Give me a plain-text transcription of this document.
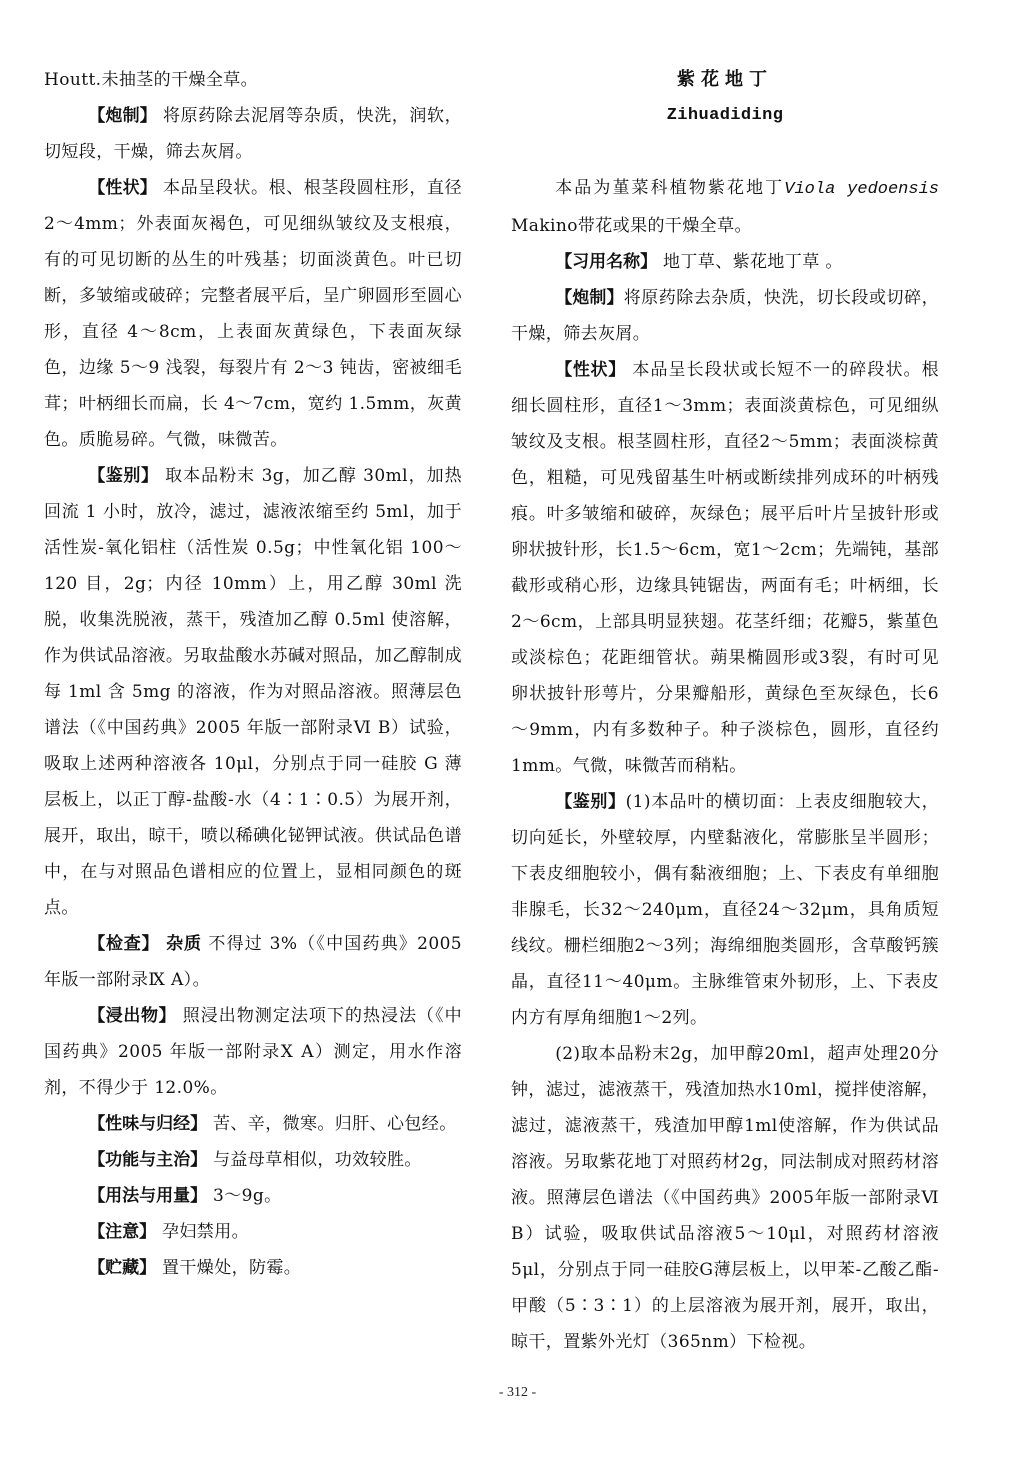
Houtt.未抽茎的干燥全草。

【炮制】 将原药除去泥屑等杂质，快洗，润软，切短段，干燥，筛去灰屑。

【性状】 本品呈段状。根、根茎段圆柱形，直径 2～4mm；外表面灰褐色，可见细纵皱纹及支根痕，有的可见切断的丛生的叶残基；切面淡黄色。叶已切断，多皱缩或破碎；完整者展平后，呈广卵圆形至圆心形，直径 4～8cm，上表面灰黄绿色，下表面灰绿色，边缘 5～9 浅裂，每裂片有 2～3 钝齿，密被细毛茸；叶柄细长而扁，长 4～7cm，宽约 1.5mm，灰黄色。质脆易碎。气微，味微苦。

【鉴别】 取本品粉末 3g，加乙醇 30ml，加热回流 1 小时，放冷，滤过，滤液浓缩至约 5ml，加于活性炭-氧化铝柱（活性炭 0.5g；中性氧化铝 100～120 目，2g；内径 10mm）上，用乙醇 30ml 洗脱，收集洗脱液，蒸干，残渣加乙醇 0.5ml 使溶解，作为供试品溶液。另取盐酸水苏碱对照品，加乙醇制成每 1ml 含 5mg 的溶液，作为对照品溶液。照薄层色谱法（《中国药典》2005 年版一部附录Ⅵ B）试验，吸取上述两种溶液各 10μl，分别点于同一硅胶 G 薄层板上，以正丁醇-盐酸-水（4∶1∶0.5）为展开剂，展开，取出，晾干，喷以稀碘化铋钾试液。供试品色谱中，在与对照品色谱相应的位置上，显相同颜色的斑点。

【检查】 杂质 不得过 3%（《中国药典》2005 年版一部附录Ⅸ A）。

【浸出物】 照浸出物测定法项下的热浸法（《中国药典》2005 年版一部附录Ⅹ A）测定，用水作溶剂，不得少于 12.0%。

【性味与归经】 苦、辛，微寒。归肝、心包经。

【功能与主治】 与益母草相似，功效较胜。

【用法与用量】 3～9g。

【注意】 孕妇禁用。

【贮藏】 置干燥处，防霉。

紫花地丁

Zihuadiding

本品为堇菜科植物紫花地丁Viola yedoensis Makino带花或果的干燥全草。

【习用名称】 地丁草、紫花地丁草 。

【炮制】将原药除去杂质，快洗，切长段或切碎，干燥，筛去灰屑。

【性状】 本品呈长段状或长短不一的碎段状。根细长圆柱形，直径1～3mm；表面淡黄棕色，可见细纵皱纹及支根。根茎圆柱形，直径2～5mm；表面淡棕黄色，粗糙，可见残留基生叶柄或断续排列成环的叶柄残痕。叶多皱缩和破碎，灰绿色；展平后叶片呈披针形或卵状披针形，长1.5～6cm，宽1～2cm；先端钝，基部截形或稍心形，边缘具钝锯齿，两面有毛；叶柄细，长2～6cm，上部具明显狭翅。花茎纤细；花瓣5，紫堇色或淡棕色；花距细管状。蒴果椭圆形或3裂，有时可见卵状披针形萼片，分果瓣船形，黄绿色至灰绿色，长6～9mm，内有多数种子。种子淡棕色，圆形，直径约1mm。气微，味微苦而稍粘。

【鉴别】(1)本品叶的横切面：上表皮细胞较大，切向延长，外壁较厚，内壁黏液化，常膨胀呈半圆形；下表皮细胞较小，偶有黏液细胞；上、下表皮有单细胞非腺毛，长32～240μm，直径24～32μm，具角质短线纹。栅栏细胞2～3列；海绵细胞类圆形，含草酸钙簇晶，直径11～40μm。主脉维管束外韧形，上、下表皮内方有厚角细胞1～2列。

(2)取本品粉末2g，加甲醇20ml，超声处理20分钟，滤过，滤液蒸干，残渣加热水10ml，搅拌使溶解，滤过，滤液蒸干，残渣加甲醇1ml使溶解，作为供试品溶液。另取紫花地丁对照药材2g，同法制成对照药材溶液。照薄层色谱法（《中国药典》2005年版一部附录Ⅵ B）试验，吸取供试品溶液5～10μl，对照药材溶液5μl，分别点于同一硅胶G薄层板上，以甲苯-乙酸乙酯-甲酸（5∶3∶1）的上层溶液为展开剂，展开，取出，晾干，置紫外光灯（365nm）下检视。

- 312 -
